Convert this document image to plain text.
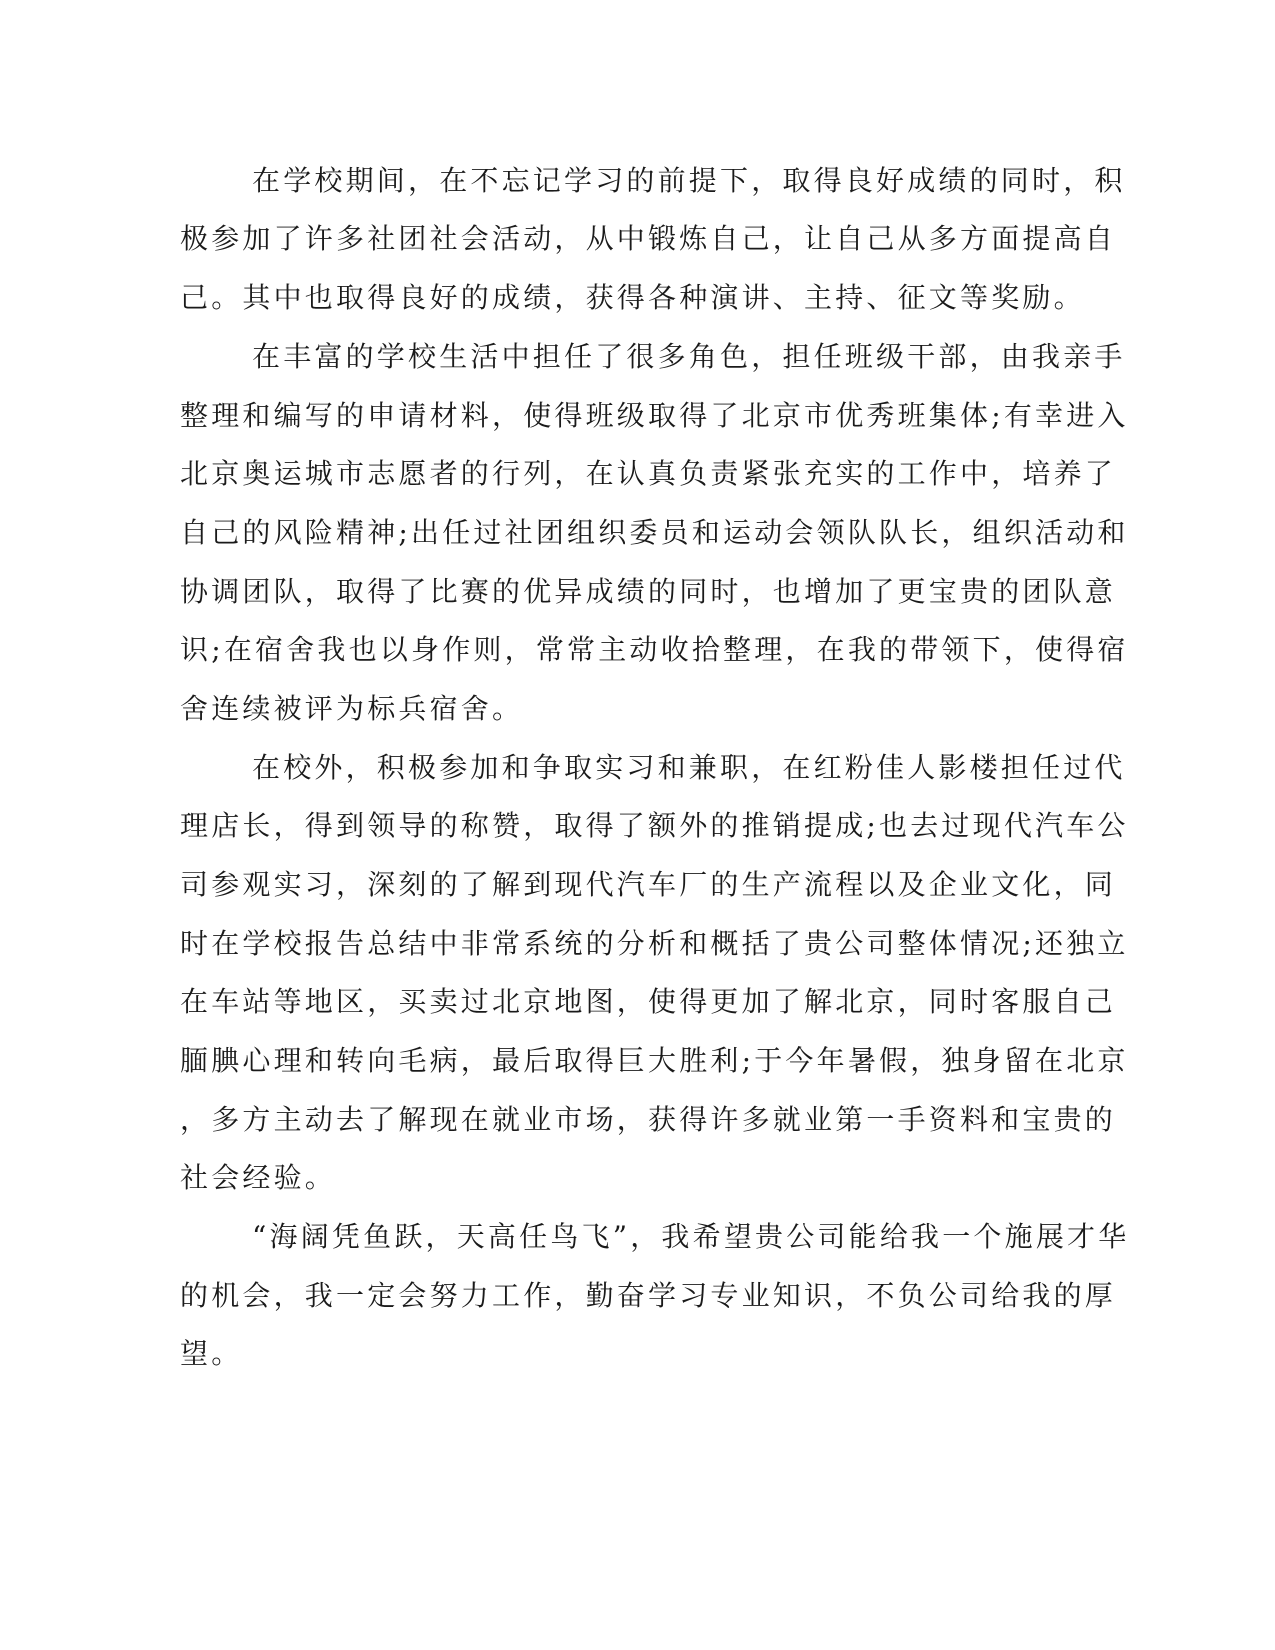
在学校期间，在不忘记学习的前提下，取得良好成绩的同时，积
极参加了许多社团社会活动，从中锻炼自己，让自己从多方面提高自
己。其中也取得良好的成绩，获得各种演讲、主持、征文等奖励。
在丰富的学校生活中担任了很多角色，担任班级干部，由我亲手
整理和编写的申请材料，使得班级取得了北京市优秀班集体;有幸进入
北京奥运城市志愿者的行列，在认真负责紧张充实的工作中，培养了
自己的风险精神;出任过社团组织委员和运动会领队队长，组织活动和
协调团队，取得了比赛的优异成绩的同时，也增加了更宝贵的团队意
识;在宿舍我也以身作则，常常主动收拾整理，在我的带领下，使得宿
舍连续被评为标兵宿舍。
在校外，积极参加和争取实习和兼职，在红粉佳人影楼担任过代
理店长，得到领导的称赞，取得了额外的推销提成;也去过现代汽车公
司参观实习，深刻的了解到现代汽车厂的生产流程以及企业文化，同
时在学校报告总结中非常系统的分析和概括了贵公司整体情况;还独立
在车站等地区，买卖过北京地图，使得更加了解北京，同时客服自己
腼腆心理和转向毛病，最后取得巨大胜利;于今年暑假，独身留在北京
，多方主动去了解现在就业市场，获得许多就业第一手资料和宝贵的
社会经验。
“海阔凭鱼跃，天高任鸟飞”，我希望贵公司能给我一个施展才华
的机会，我一定会努力工作，勤奋学习专业知识，不负公司给我的厚
望。
